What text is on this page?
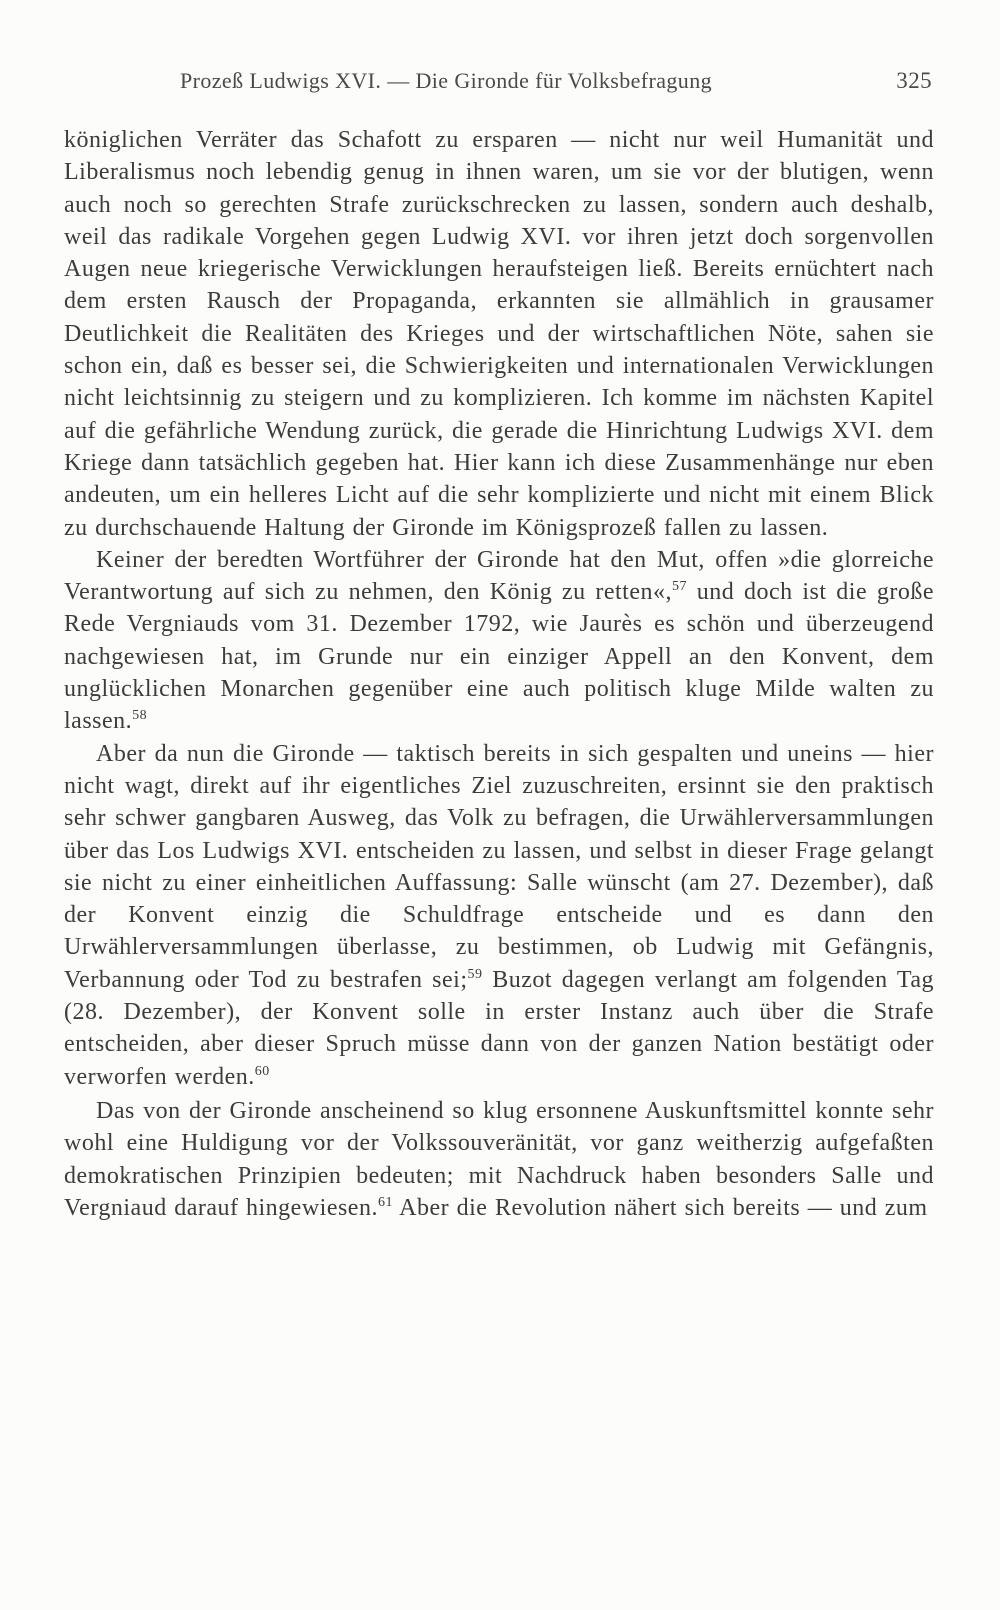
Prozeß Ludwigs XVI. — Die Gironde für Volksbefragung	325

königlichen Verräter das Schafott zu ersparen — nicht nur weil Humanität und Liberalismus noch lebendig genug in ihnen waren, um sie vor der blutigen, wenn auch noch so gerechten Strafe zurückschrecken zu lassen, sondern auch deshalb, weil das radikale Vorgehen gegen Ludwig XVI. vor ihren jetzt doch sorgenvollen Augen neue kriegerische Verwicklungen heraufsteigen ließ. Bereits ernüchtert nach dem ersten Rausch der Propaganda, erkannten sie allmählich in grausamer Deutlichkeit die Realitäten des Krieges und der wirtschaftlichen Nöte, sahen sie schon ein, daß es besser sei, die Schwierigkeiten und internationalen Verwicklungen nicht leichtsinnig zu steigern und zu komplizieren. Ich komme im nächsten Kapitel auf die gefährliche Wendung zurück, die gerade die Hinrichtung Ludwigs XVI. dem Kriege dann tatsächlich gegeben hat. Hier kann ich diese Zusammenhänge nur eben andeuten, um ein helleres Licht auf die sehr komplizierte und nicht mit einem Blick zu durchschauende Haltung der Gironde im Königsprozeß fallen zu lassen.

Keiner der beredten Wortführer der Gironde hat den Mut, offen »die glorreiche Verantwortung auf sich zu nehmen, den König zu retten«,$^{57}$ und doch ist die große Rede Vergniauds vom 31. Dezember 1792, wie Jaurès es schön und überzeugend nachgewiesen hat, im Grunde nur ein einziger Appell an den Konvent, dem unglücklichen Monarchen gegenüber eine auch politisch kluge Milde walten zu lassen.$^{58}$

Aber da nun die Gironde — taktisch bereits in sich gespalten und uneins — hier nicht wagt, direkt auf ihr eigentliches Ziel zuzuschreiten, ersinnt sie den praktisch sehr schwer gangbaren Ausweg, das Volk zu befragen, die Urwählerversammlungen über das Los Ludwigs XVI. entscheiden zu lassen, und selbst in dieser Frage gelangt sie nicht zu einer einheitlichen Auffassung: Salle wünscht (am 27. Dezember), daß der Konvent einzig die Schuldfrage entscheide und es dann den Urwählerversammlungen überlasse, zu bestimmen, ob Ludwig mit Gefängnis, Verbannung oder Tod zu bestrafen sei;$^{59}$ Buzot dagegen verlangt am folgenden Tag (28. Dezember), der Konvent solle in erster Instanz auch über die Strafe entscheiden, aber dieser Spruch müsse dann von der ganzen Nation bestätigt oder verworfen werden.$^{60}$

Das von der Gironde anscheinend so klug ersonnene Auskunftsmittel konnte sehr wohl eine Huldigung vor der Volkssouveränität, vor ganz weitherzig aufgefaßten demokratischen Prinzipien bedeuten; mit Nachdruck haben besonders Salle und Vergniaud darauf hingewiesen.$^{61}$ Aber die Revolution nähert sich bereits — und zum
